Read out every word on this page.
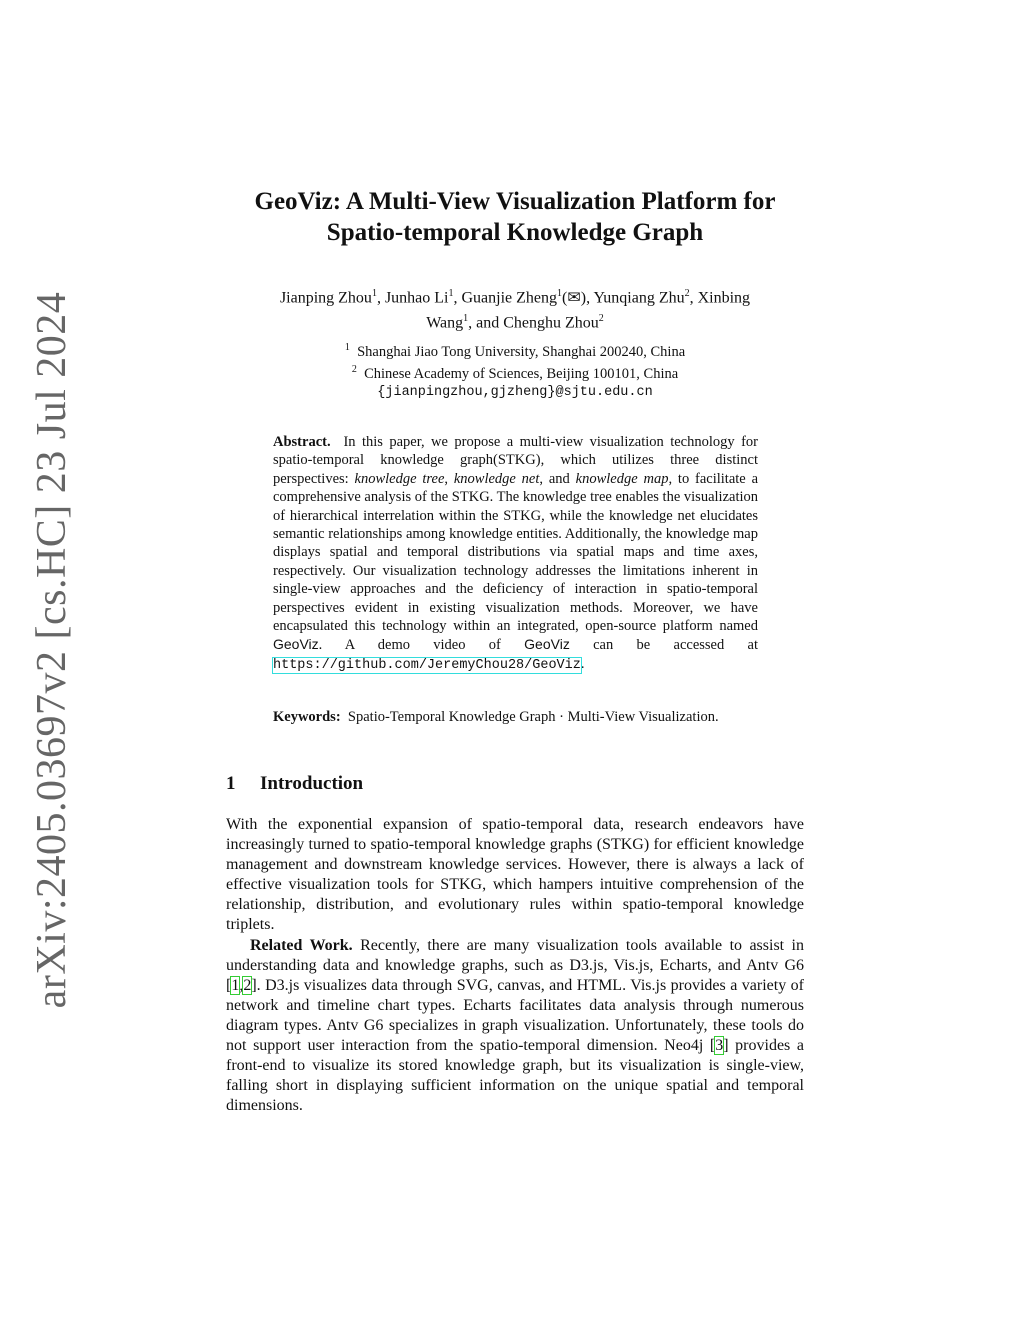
arXiv:2405.03697v2 [cs.HC] 23 Jul 2024
GeoViz: A Multi-View Visualization Platform for
Spatio-temporal Knowledge Graph
Jianping Zhou$^1$, Junhao Li$^1$, Guanjie Zheng$^1$(✉), Yunqiang Zhu$^2$, Xinbing
Wang$^1$, and Chenghu Zhou$^2$
$^1$ Shanghai Jiao Tong University, Shanghai 200240, China
$^2$ Chinese Academy of Sciences, Beijing 100101, China
{jianpingzhou,gjzheng}@sjtu.edu.cn
Abstract. In this paper, we propose a multi-view visualization technology for spatio-temporal knowledge graph(STKG), which utilizes three distinct perspectives: knowledge tree, knowledge net, and knowledge map, to facilitate a comprehensive analysis of the STKG. The knowledge tree enables the visualization of hierarchical interrelation within the STKG, while the knowledge net elucidates semantic relationships among knowledge entities. Additionally, the knowledge map displays spatial and temporal distributions via spatial maps and time axes, respectively. Our visualization technology addresses the limitations inherent in single-view approaches and the deficiency of interaction in spatio-temporal perspectives evident in existing visualization methods. Moreover, we have encapsulated this technology within an integrated, open-source platform named GeoViz. A demo video of GeoViz can be accessed at https://github.com/JeremyChou28/GeoViz.
Keywords: Spatio-Temporal Knowledge Graph · Multi-View Visualization.
1 Introduction

With the exponential expansion of spatio-temporal data, research endeavors have increasingly turned to spatio-temporal knowledge graphs (STKG) for efficient knowledge management and downstream knowledge services. However, there is always a lack of effective visualization tools for STKG, which hampers intuitive comprehension of the relationship, distribution, and evolutionary rules within spatio-temporal knowledge triplets.

Related Work. Recently, there are many visualization tools available to assist in understanding data and knowledge graphs, such as D3.js, Vis.js, Echarts, and Antv G6 [1,2]. D3.js visualizes data through SVG, canvas, and HTML. Vis.js provides a variety of network and timeline chart types. Echarts facilitates data analysis through numerous diagram types. Antv G6 specializes in graph visualization. Unfortunately, these tools do not support user interaction from the spatio-temporal dimension. Neo4j [3] provides a front-end to visualize its stored knowledge graph, but its visualization is single-view, falling short in displaying sufficient information on the unique spatial and temporal dimensions.
